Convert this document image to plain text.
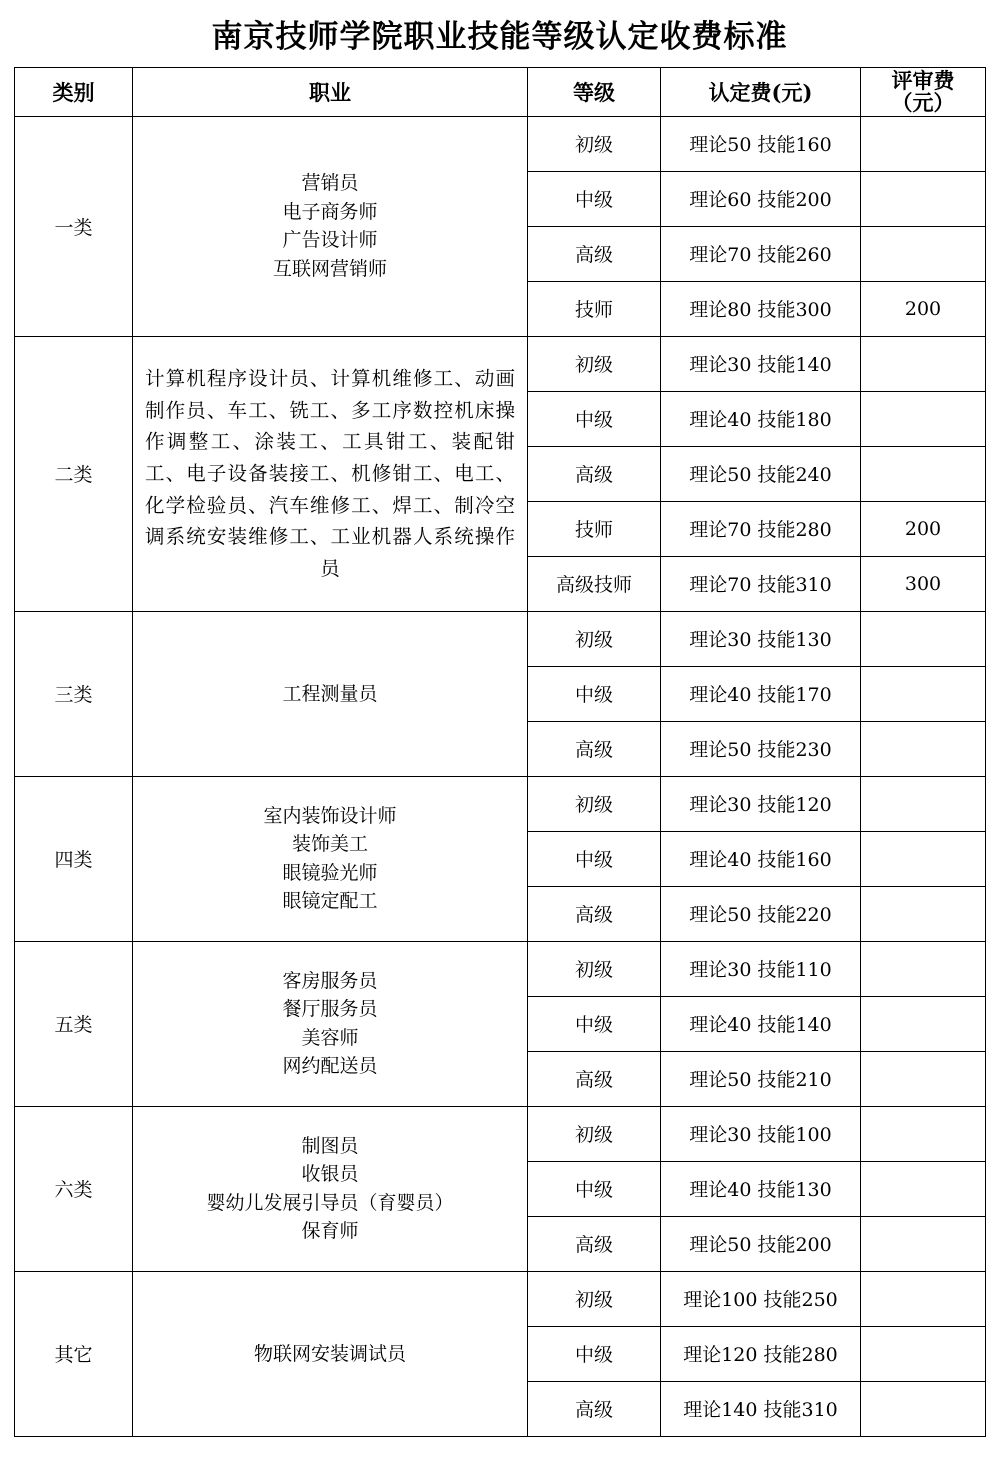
南京技师学院职业技能等级认定收费标准
类别	职业	等级	认定费(元)	评审费
（元）

一类	营销员
电子商务师
广告设计师
互联网营销师	初级	理论50 技能160	
		中级	理论60 技能200	
		高级	理论70 技能260	
		技师	理论80 技能300	200
二类	计算机程序设计员、计算机维修工、动画制作员、车工、铣工、多工序数控机床操作调整工、涂装工、工具钳工、装配钳工、电子设备装接工、机修钳工、电工、化学检验员、汽车维修工、焊工、制冷空调系统安装维修工、工业机器人系统操作员	初级	理论30 技能140	
		中级	理论40 技能180	
		高级	理论50 技能240	
		技师	理论70 技能280	200
		高级技师	理论70 技能310	300
三类	工程测量员	初级	理论30 技能130	
		中级	理论40 技能170	
		高级	理论50 技能230	
四类	室内装饰设计师
装饰美工
眼镜验光师
眼镜定配工	初级	理论30 技能120	
		中级	理论40 技能160	
		高级	理论50 技能220	
五类	客房服务员
餐厅服务员
美容师
网约配送员	初级	理论30 技能110	
		中级	理论40 技能140	
		高级	理论50 技能210	
六类	制图员
收银员
婴幼儿发展引导员（育婴员）
保育师	初级	理论30 技能100	
		中级	理论40 技能130	
		高级	理论50 技能200	
其它	物联网安装调试员	初级	理论100 技能250	
		中级	理论120 技能280	
		高级	理论140 技能310	
